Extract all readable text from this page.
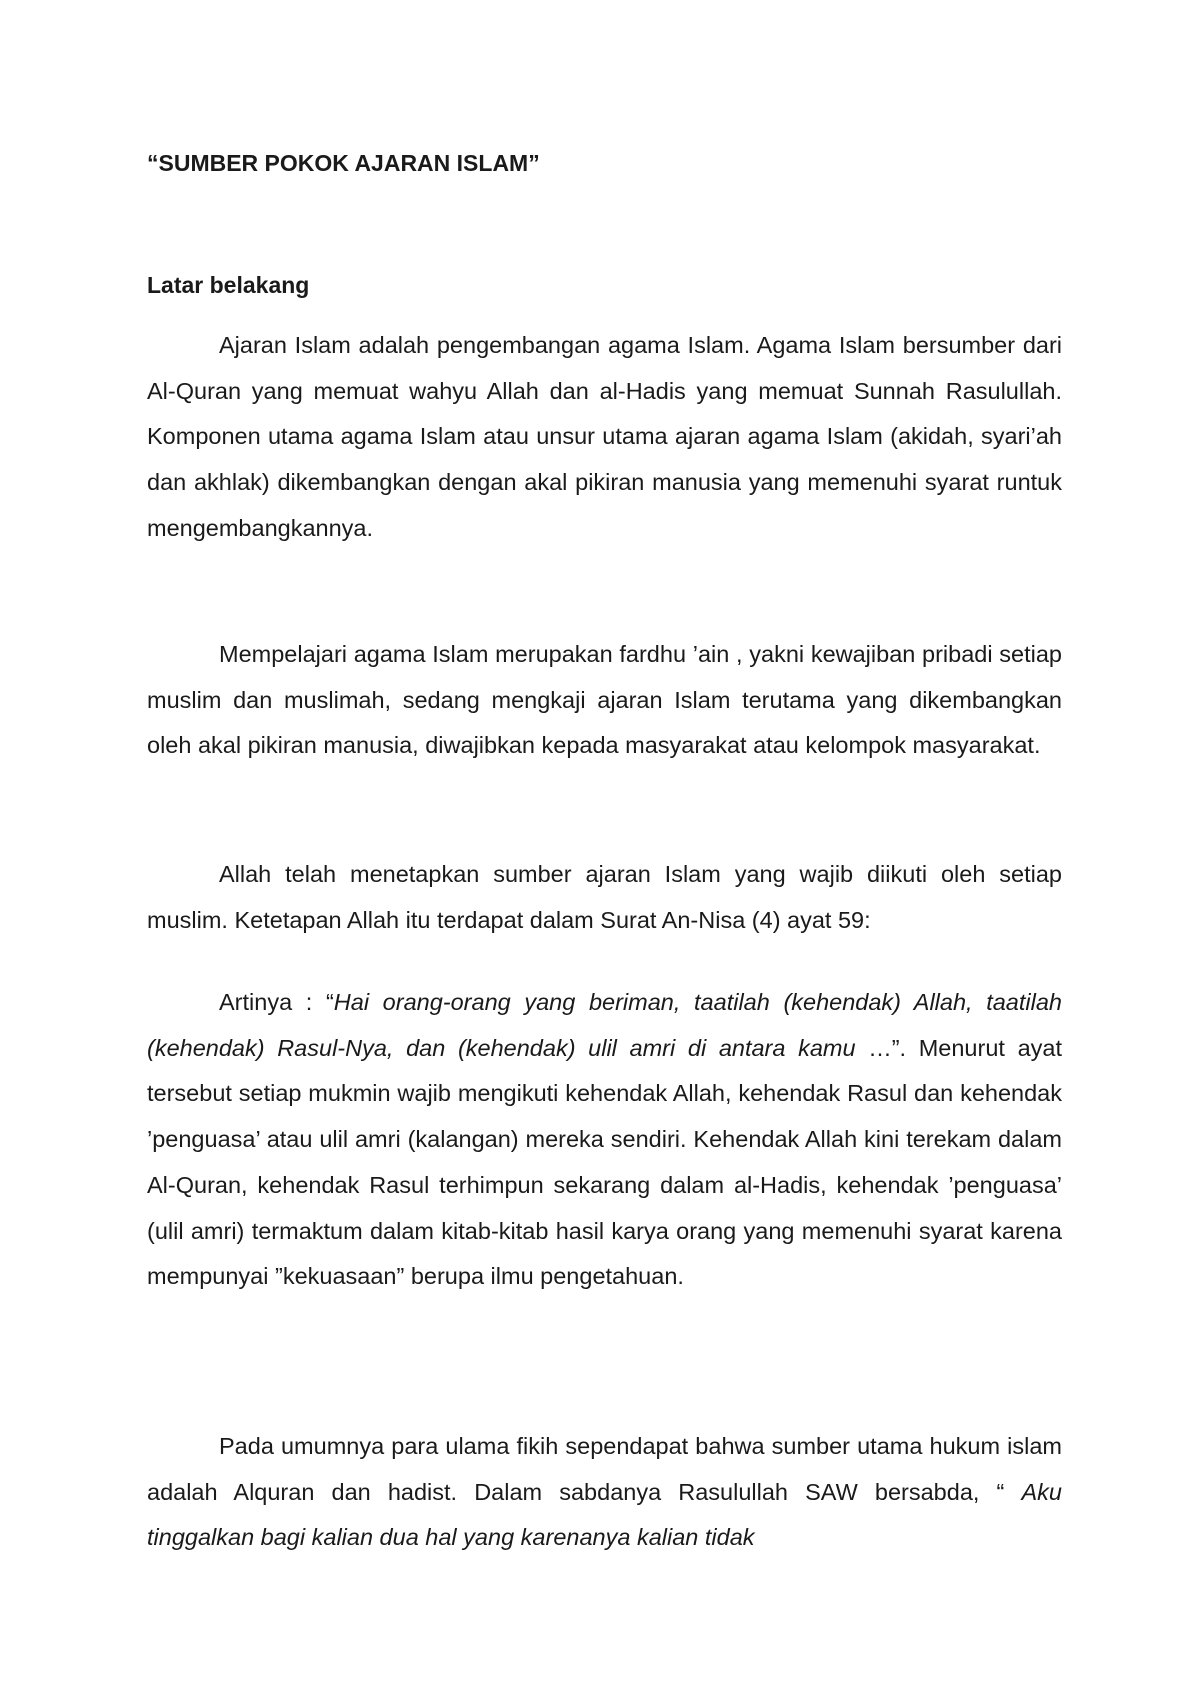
“SUMBER POKOK AJARAN ISLAM”
Latar belakang

Ajaran Islam adalah pengembangan agama Islam. Agama Islam bersumber dari Al-Quran yang memuat wahyu Allah dan al-Hadis yang memuat Sunnah Rasulullah. Komponen utama agama Islam atau unsur utama ajaran agama Islam (akidah, syari’ah dan akhlak) dikembangkan dengan akal pikiran manusia yang memenuhi syarat runtuk mengembangkannya.

Mempelajari agama Islam merupakan fardhu ’ain , yakni kewajiban pribadi setiap muslim dan muslimah, sedang mengkaji ajaran Islam terutama yang dikembangkan oleh akal pikiran manusia, diwajibkan kepada masyarakat atau kelompok masyarakat.

Allah telah menetapkan sumber ajaran Islam yang wajib diikuti oleh setiap muslim. Ketetapan Allah itu terdapat dalam Surat An-Nisa (4) ayat 59:

Artinya : “Hai orang-orang yang beriman, taatilah (kehendak) Allah, taatilah (kehendak) Rasul-Nya, dan (kehendak) ulil amri di antara kamu …”. Menurut ayat tersebut setiap mukmin wajib mengikuti kehendak Allah, kehendak Rasul dan kehendak ’penguasa’ atau ulil amri (kalangan) mereka sendiri. Kehendak Allah kini terekam dalam Al-Quran, kehendak Rasul terhimpun sekarang dalam al-Hadis, kehendak ’penguasa’ (ulil amri) termaktum dalam kitab-kitab hasil karya orang yang memenuhi syarat karena mempunyai ”kekuasaan” berupa ilmu pengetahuan.

Pada umumnya para ulama fikih sependapat bahwa sumber utama hukum islam adalah Alquran dan hadist. Dalam sabdanya Rasulullah SAW bersabda, “ Aku tinggalkan bagi kalian dua hal yang karenanya kalian tidak
